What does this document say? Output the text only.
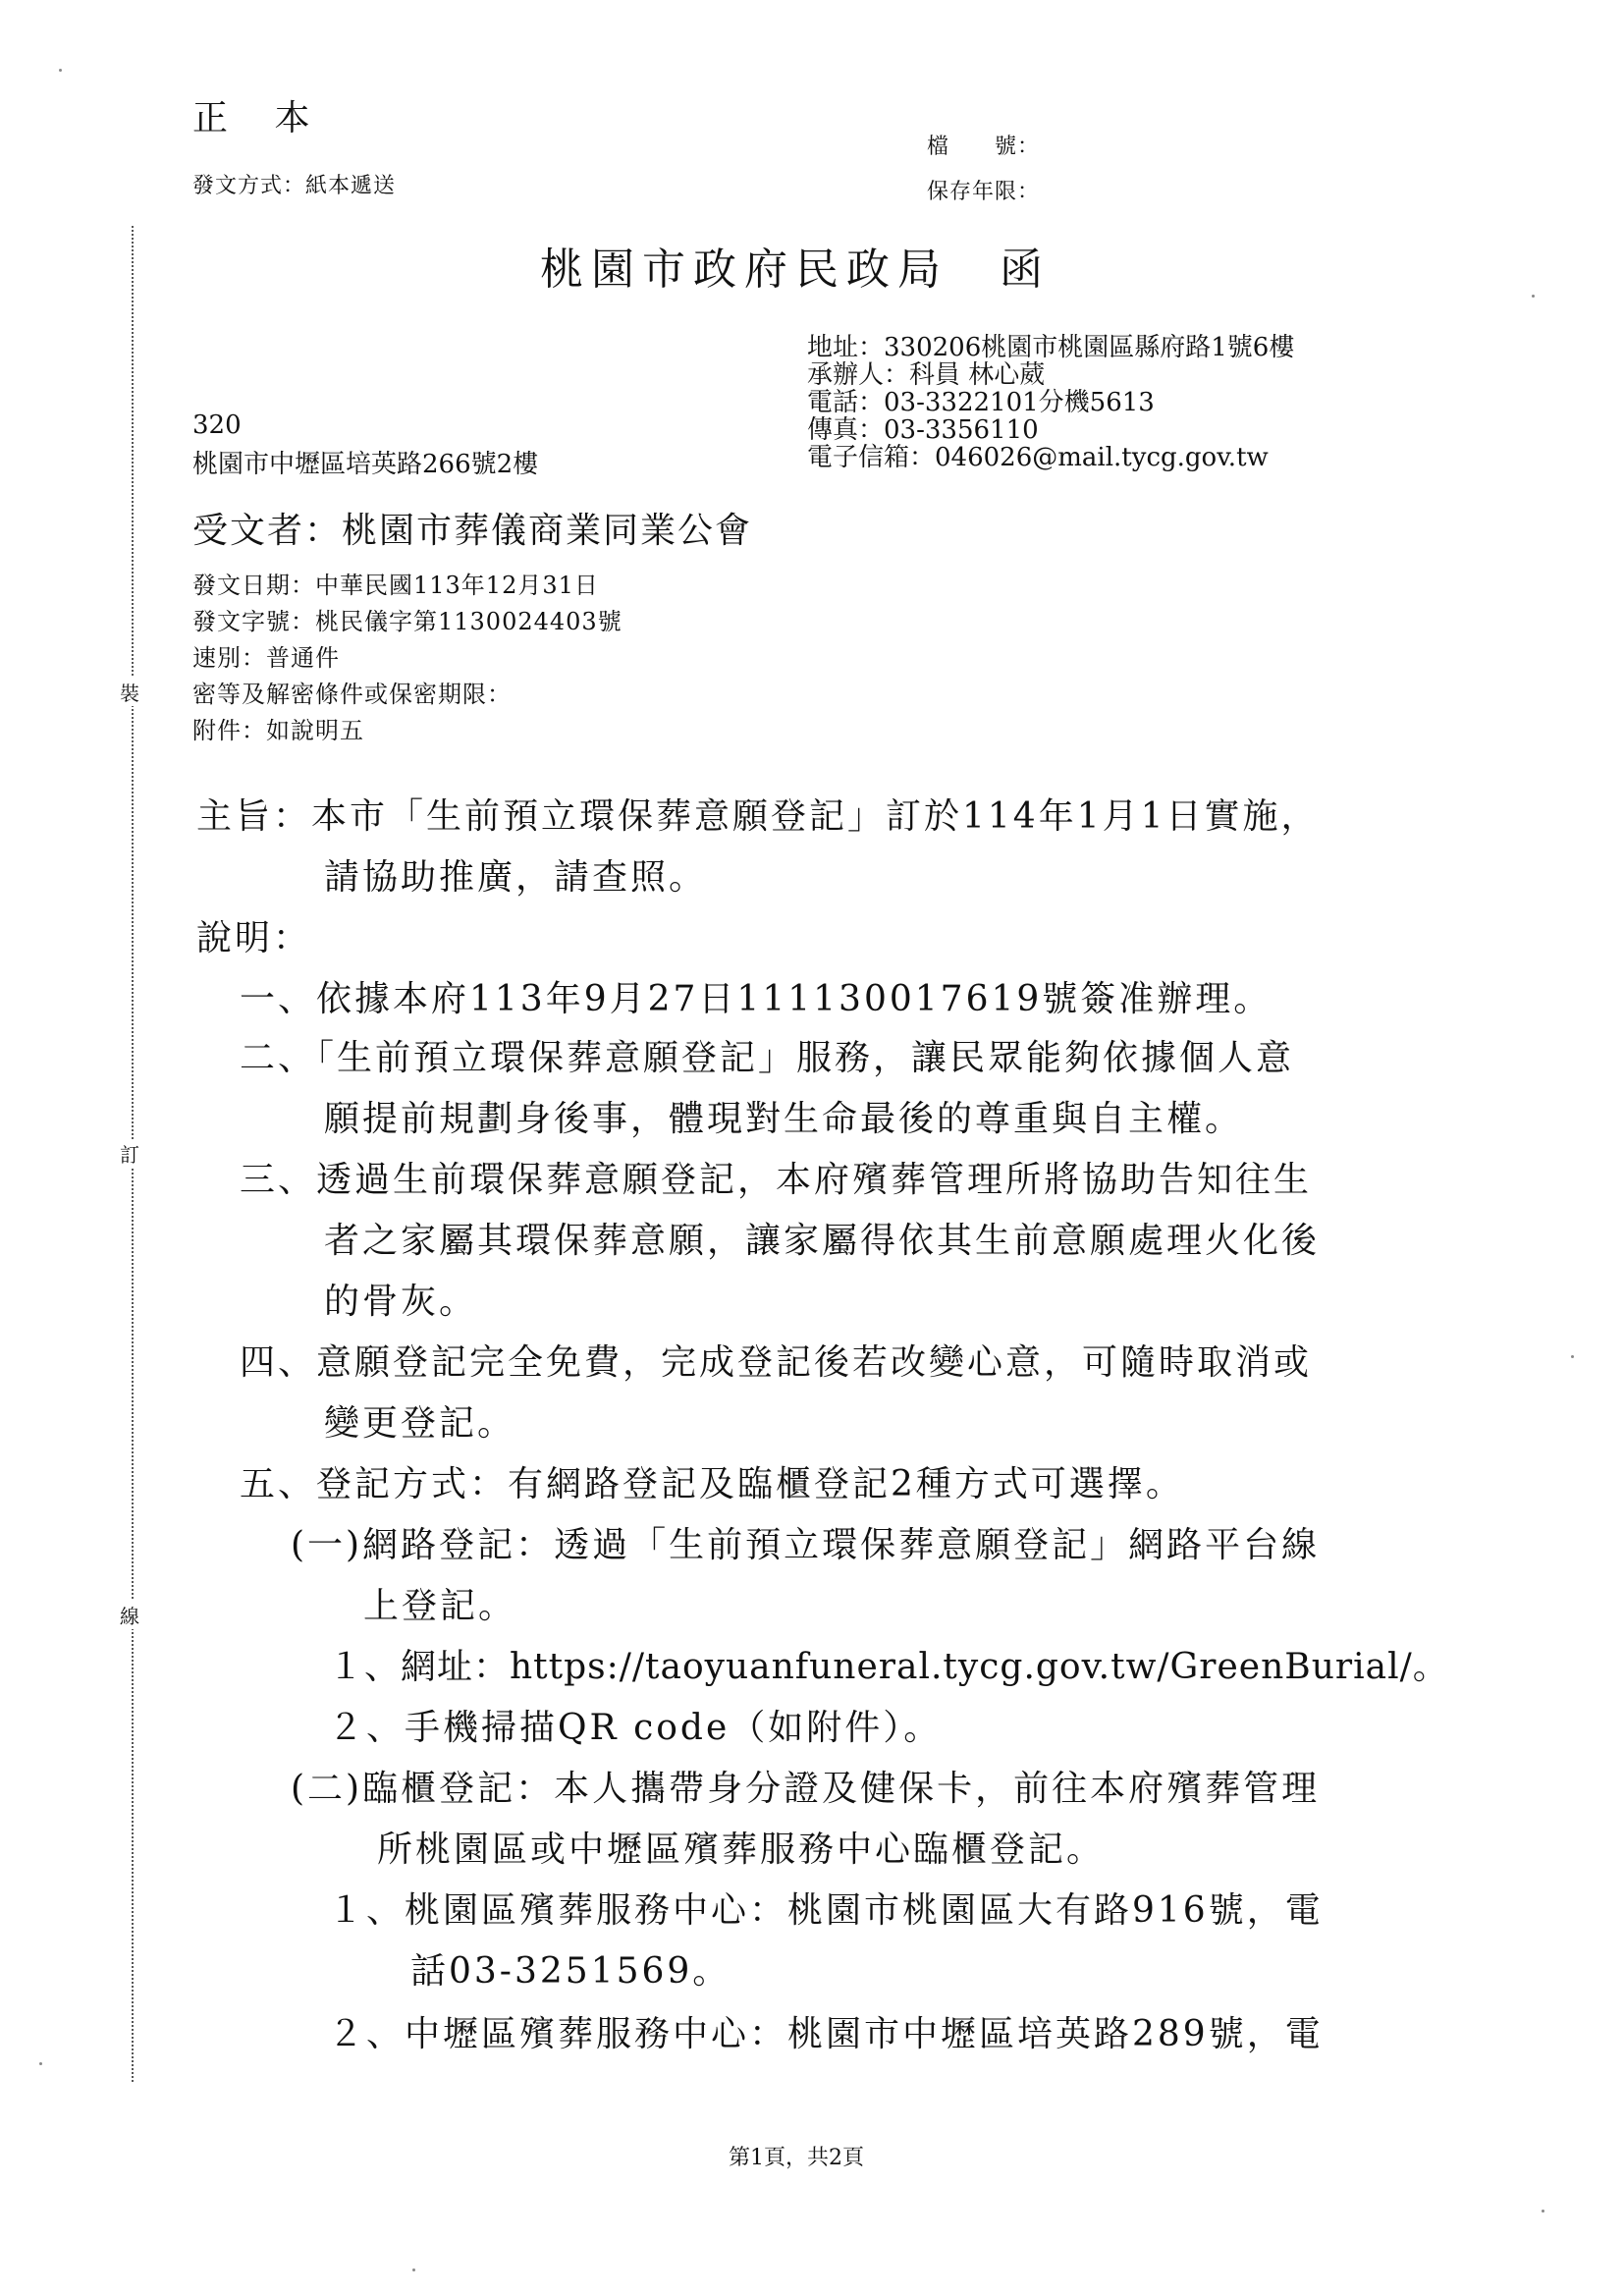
裝
訂
線
正 本
發文方式：紙本遞送
檔　　號：
保存年限：
桃園市政府民政局　函
地址：330206桃園市桃園區縣府路1號6樓
承辦人：科員 林心葳
電話：03-3322101分機5613
傳真：03-3356110
電子信箱：046026@mail.tycg.gov.tw
320
桃園市中壢區培英路266號2樓
受文者：桃園市葬儀商業同業公會
發文日期：中華民國113年12月31日
發文字號：桃民儀字第1130024403號
速別：普通件
密等及解密條件或保密期限：
附件：如說明五
主旨：本市「生前預立環保葬意願登記」訂於114年1月1日實施，
請協助推廣，請查照。
說明：
一、依據本府113年9月27日111130017619號簽准辦理。
二、「生前預立環保葬意願登記」服務，讓民眾能夠依據個人意
願提前規劃身後事，體現對生命最後的尊重與自主權。
三、透過生前環保葬意願登記，本府殯葬管理所將協助告知往生
者之家屬其環保葬意願，讓家屬得依其生前意願處理火化後
的骨灰。
四、意願登記完全免費，完成登記後若改變心意，可隨時取消或
變更登記。
五、登記方式：有網路登記及臨櫃登記2種方式可選擇。
(一)網路登記：透過「生前預立環保葬意願登記」網路平台線
上登記。
１、網址：https://taoyuanfuneral.tycg.gov.tw/GreenBurial/。
２、手機掃描QR code（如附件）。
(二)臨櫃登記：本人攜帶身分證及健保卡，前往本府殯葬管理
所桃園區或中壢區殯葬服務中心臨櫃登記。
１、桃園區殯葬服務中心：桃園市桃園區大有路916號，電
話03-3251569。
２、中壢區殯葬服務中心：桃園市中壢區培英路289號，電
第1頁，共2頁
